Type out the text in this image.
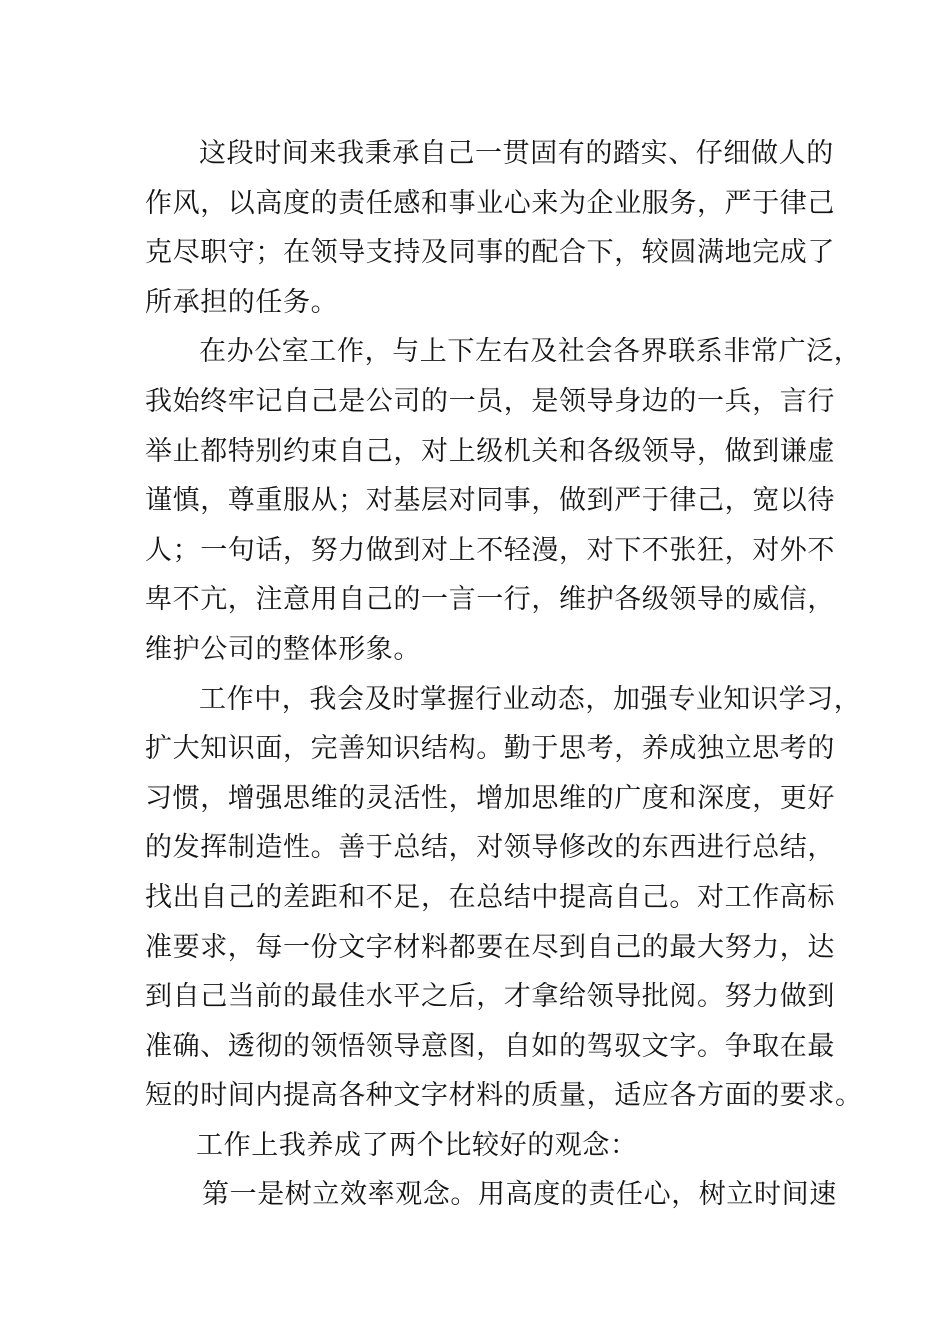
这段时间来我秉承自己一贯固有的踏实、仔细做人的
作风，以高度的责任感和事业心来为企业服务，严于律己
克尽职守；在领导支持及同事的配合下，较圆满地完成了
所承担的任务。
在办公室工作，与上下左右及社会各界联系非常广泛，
我始终牢记自己是公司的一员，是领导身边的一兵，言行
举止都特别约束自己，对上级机关和各级领导，做到谦虚
谨慎，尊重服从；对基层对同事，做到严于律己，宽以待
人；一句话，努力做到对上不轻漫，对下不张狂，对外不
卑不亢，注意用自己的一言一行，维护各级领导的威信，
维护公司的整体形象。
工作中，我会及时掌握行业动态，加强专业知识学习，
扩大知识面，完善知识结构。勤于思考，养成独立思考的
习惯，增强思维的灵活性，增加思维的广度和深度，更好
的发挥制造性。善于总结，对领导修改的东西进行总结，
找出自己的差距和不足，在总结中提高自己。对工作高标
准要求，每一份文字材料都要在尽到自己的最大努力，达
到自己当前的最佳水平之后，才拿给领导批阅。努力做到
准确、透彻的领悟领导意图，自如的驾驭文字。争取在最
短的时间内提高各种文字材料的质量，适应各方面的要求。
工作上我养成了两个比较好的观念：
第一是树立效率观念。用高度的责任心，树立时间速
